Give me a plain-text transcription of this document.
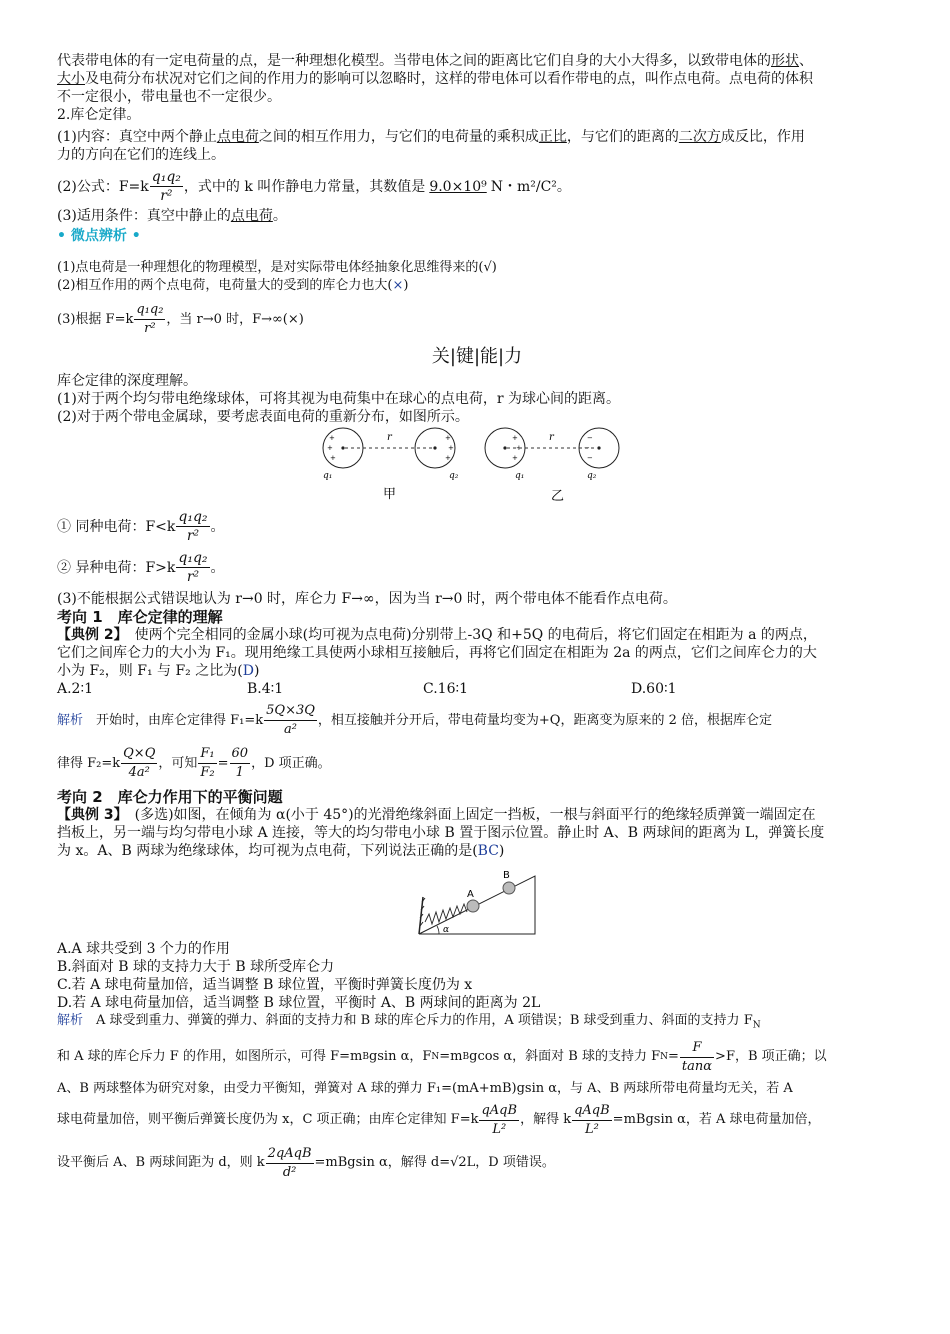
代表带电体的有一定电荷量的点，是一种理想化模型。当带电体之间的距离比它们自身的大小大得多，以致带电体的形状、

大小及电荷分布状况对它们之间的作用力的影响可以忽略时，这样的带电体可以看作带电的点，叫作点电荷。点电荷的体积

不一定很小，带电量也不一定很少。

2.库仑定律。

(1)内容：真空中两个静止点电荷之间的相互作用力，与它们的电荷量的乘积成正比，与它们的距离的二次方成反比，作用

力的方向在它们的连线上。

(2)公式：$F=k \frac{\text{q₁q₂}}{\text{r²}}$ ，式中的 k 叫作静电力常量，其数值是 9.0×10⁹ N・m²/C²。

(3)适用条件：真空中静止的点电荷。

• 微点辨析 •

(1)点电荷是一种理想化的物理模型，是对实际带电体经抽象化思维得来的(√)

(2)相互作用的两个点电荷，电荷量大的受到的库仑力也大(×)

(3)根据 $F=k \frac{\text{q₁q₂}}{\text{r²}}$ ，当 r→0 时，F→∞(×)
关|键|能|力

库仑定律的深度理解。

(1)对于两个均匀带电绝缘球体，可将其视为电荷集中在球心的点电荷，r 为球心间的距离。

(2)对于两个带电金属球，要考虑表面电荷的重新分布，如图所示。

+
+
+
r	+
+
+
q₁	q₂
+
+
+
r	−
−
−
q₁	q₂
甲	乙
① 同种电荷：$F<k \frac{\text{q₁q₂}}{\text{r²}}$ 。
② 异种电荷：$F>k \frac{\text{q₁q₂}}{\text{r²}}$ 。

(3)不能根据公式错误地认为 r→0 时，库仑力 F→∞，因为当 r→0 时，两个带电体不能看作点电荷。

考向 1　库仑定律的理解

【典例 2】　使两个完全相同的金属小球(均可视为点电荷)分别带上-3Q 和+5Q 的电荷后，将它们固定在相距为 a 的两点，

它们之间库仑力的大小为 F₁。现用绝缘工具使两小球相互接触后，再将它们固定在相距为 2a 的两点，它们之间库仑力的大

小为 F₂，则 F₁ 与 F₂ 之比为(D)

A.2∶1	B.4∶1	C.16∶1	D.60∶1
解析 　开始时，由库仑定律得 $F_1=k \frac{5Q\times 3Q}{\text{a²}}$ ，相互接触并分开后，带电荷量均变为+Q，距离变为原来的 2 倍，根据库仑定
律得 $F_2=k \frac{Q\times Q}{\text{4a²}}$ ，可知 $\frac{\text{F₁}}{\text{F₂}} = \frac{60}{1}$ ，D 项正确。

考向 2　库仑力作用下的平衡问题

【典例 3】　(多选)如图，在倾角为 α(小于 45°)的光滑绝缘斜面上固定一挡板，一根与斜面平行的绝缘轻质弹簧一端固定在

挡板上，另一端与均匀带电小球 A 连接，等大的均匀带电小球 B 置于图示位置。静止时 A、B 两球间的距离为 L，弹簧长度

为 x。A、B 两球为绝缘球体，均可视为点电荷，下列说法正确的是(BC)

A
B
α

A.A 球共受到 3 个力的作用

B.斜面对 B 球的支持力大于 B 球所受库仑力

C.若 A 球电荷量加倍，适当调整 B 球位置，平衡时弹簧长度仍为 x

D.若 A 球电荷量加倍，适当调整 B 球位置，平衡时 A、B 两球间的距离为 2L

解析　A 球受到重力、弹簧的弹力、斜面的支持力和 B 球的库仑斥力的作用，A 项错误；B 球受到重力、斜面的支持力 $F_N$

和 A 球的库仑斥力 F 的作用，如图所示，可得 F=m B gsin α，F N =m B gcos α，斜面对 B 球的支持力 F $N = \frac{F}{\tan\alpha} >F$，B 项正确；以

A、B 两球整体为研究对象，由受力平衡知，弹簧对 A 球的弹力 F₁=(mA+mB)gsin α，与 A、B 两球所带电荷量均无关，若 A

球电荷量加倍，则平衡后弹簧长度仍为 x，C 项正确；由库仑定律知 $F=k \frac{\text{qAqB}}{\text{L²}}$ ，解得 k $\frac{\text{qAqB}}{\text{L²}} =mBgsin$ α，若 A 球电荷量加倍，
设平衡后 A、B 两球间距为 d，则 k $\frac{\text{2qAqB}}{\text{d²}} =mBgsin$ α，解得 d= √2 L，D 项错误。
